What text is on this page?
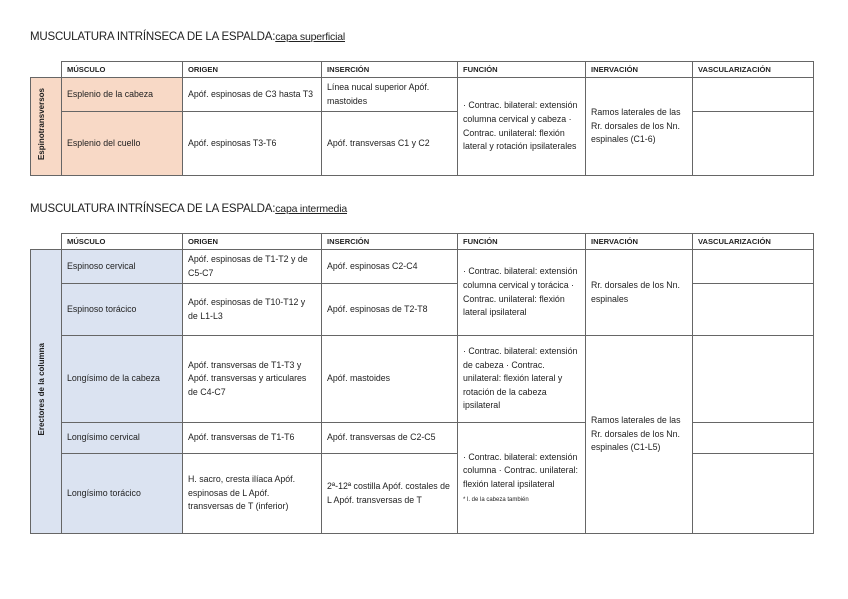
MUSCULATURA INTRÍNSECA DE LA ESPALDA:capa superficial
	MÚSCULO	ORIGEN	INSERCIÓN	FUNCIÓN	INERVACIÓN	VASCULARIZACIÓN
Espinotransversos	Esplenio de la cabeza	Apóf. espinosas de C3 hasta T3	Línea nucal superior Apóf. mastoides	· Contrac. bilateral: extensión columna cervical y cabeza · Contrac. unilateral: flexión lateral y rotación ipsilaterales	Ramos laterales de las Rr. dorsales de los Nn. espinales (C1-6)	
	Esplenio del cuello	Apóf. espinosas T3-T6	Apóf. transversas C1 y C2			
MUSCULATURA INTRÍNSECA DE LA ESPALDA:capa intermedia
	MÚSCULO	ORIGEN	INSERCIÓN	FUNCIÓN	INERVACIÓN	VASCULARIZACIÓN
Erectores de la columna	Espinoso cervical	Apóf. espinosas de T1-T2 y de C5-C7	Apóf. espinosas C2-C4	· Contrac. bilateral: extensión columna cervical y torácica · Contrac. unilateral: flexión lateral ipsilateral	Rr. dorsales de los Nn. espinales	
	Espinoso torácico	Apóf. espinosas de T10-T12 y de L1-L3	Apóf. espinosas de T2-T8			
	Longísimo de la cabeza	Apóf. transversas de T1-T3 y Apóf. transversas y articulares de C4-C7	Apóf. mastoides	· Contrac. bilateral: extensión de cabeza · Contrac. unilateral: flexión lateral y rotación de la cabeza ipsilateral	Ramos laterales de las Rr. dorsales de los Nn. espinales (C1-L5)	
	Longísimo cervical	Apóf. transversas de T1-T6	Apóf. transversas de C2-C5	· Contrac. bilateral: extensión columna · Contrac. unilateral: flexión lateral ipsilateral
* l. de la cabeza también		
	Longísimo torácico	H. sacro, cresta ilíaca Apóf. espinosas de L Apóf. transversas de T (inferior)	2ª-12ª costilla Apóf. costales de L Apóf. transversas de T			
